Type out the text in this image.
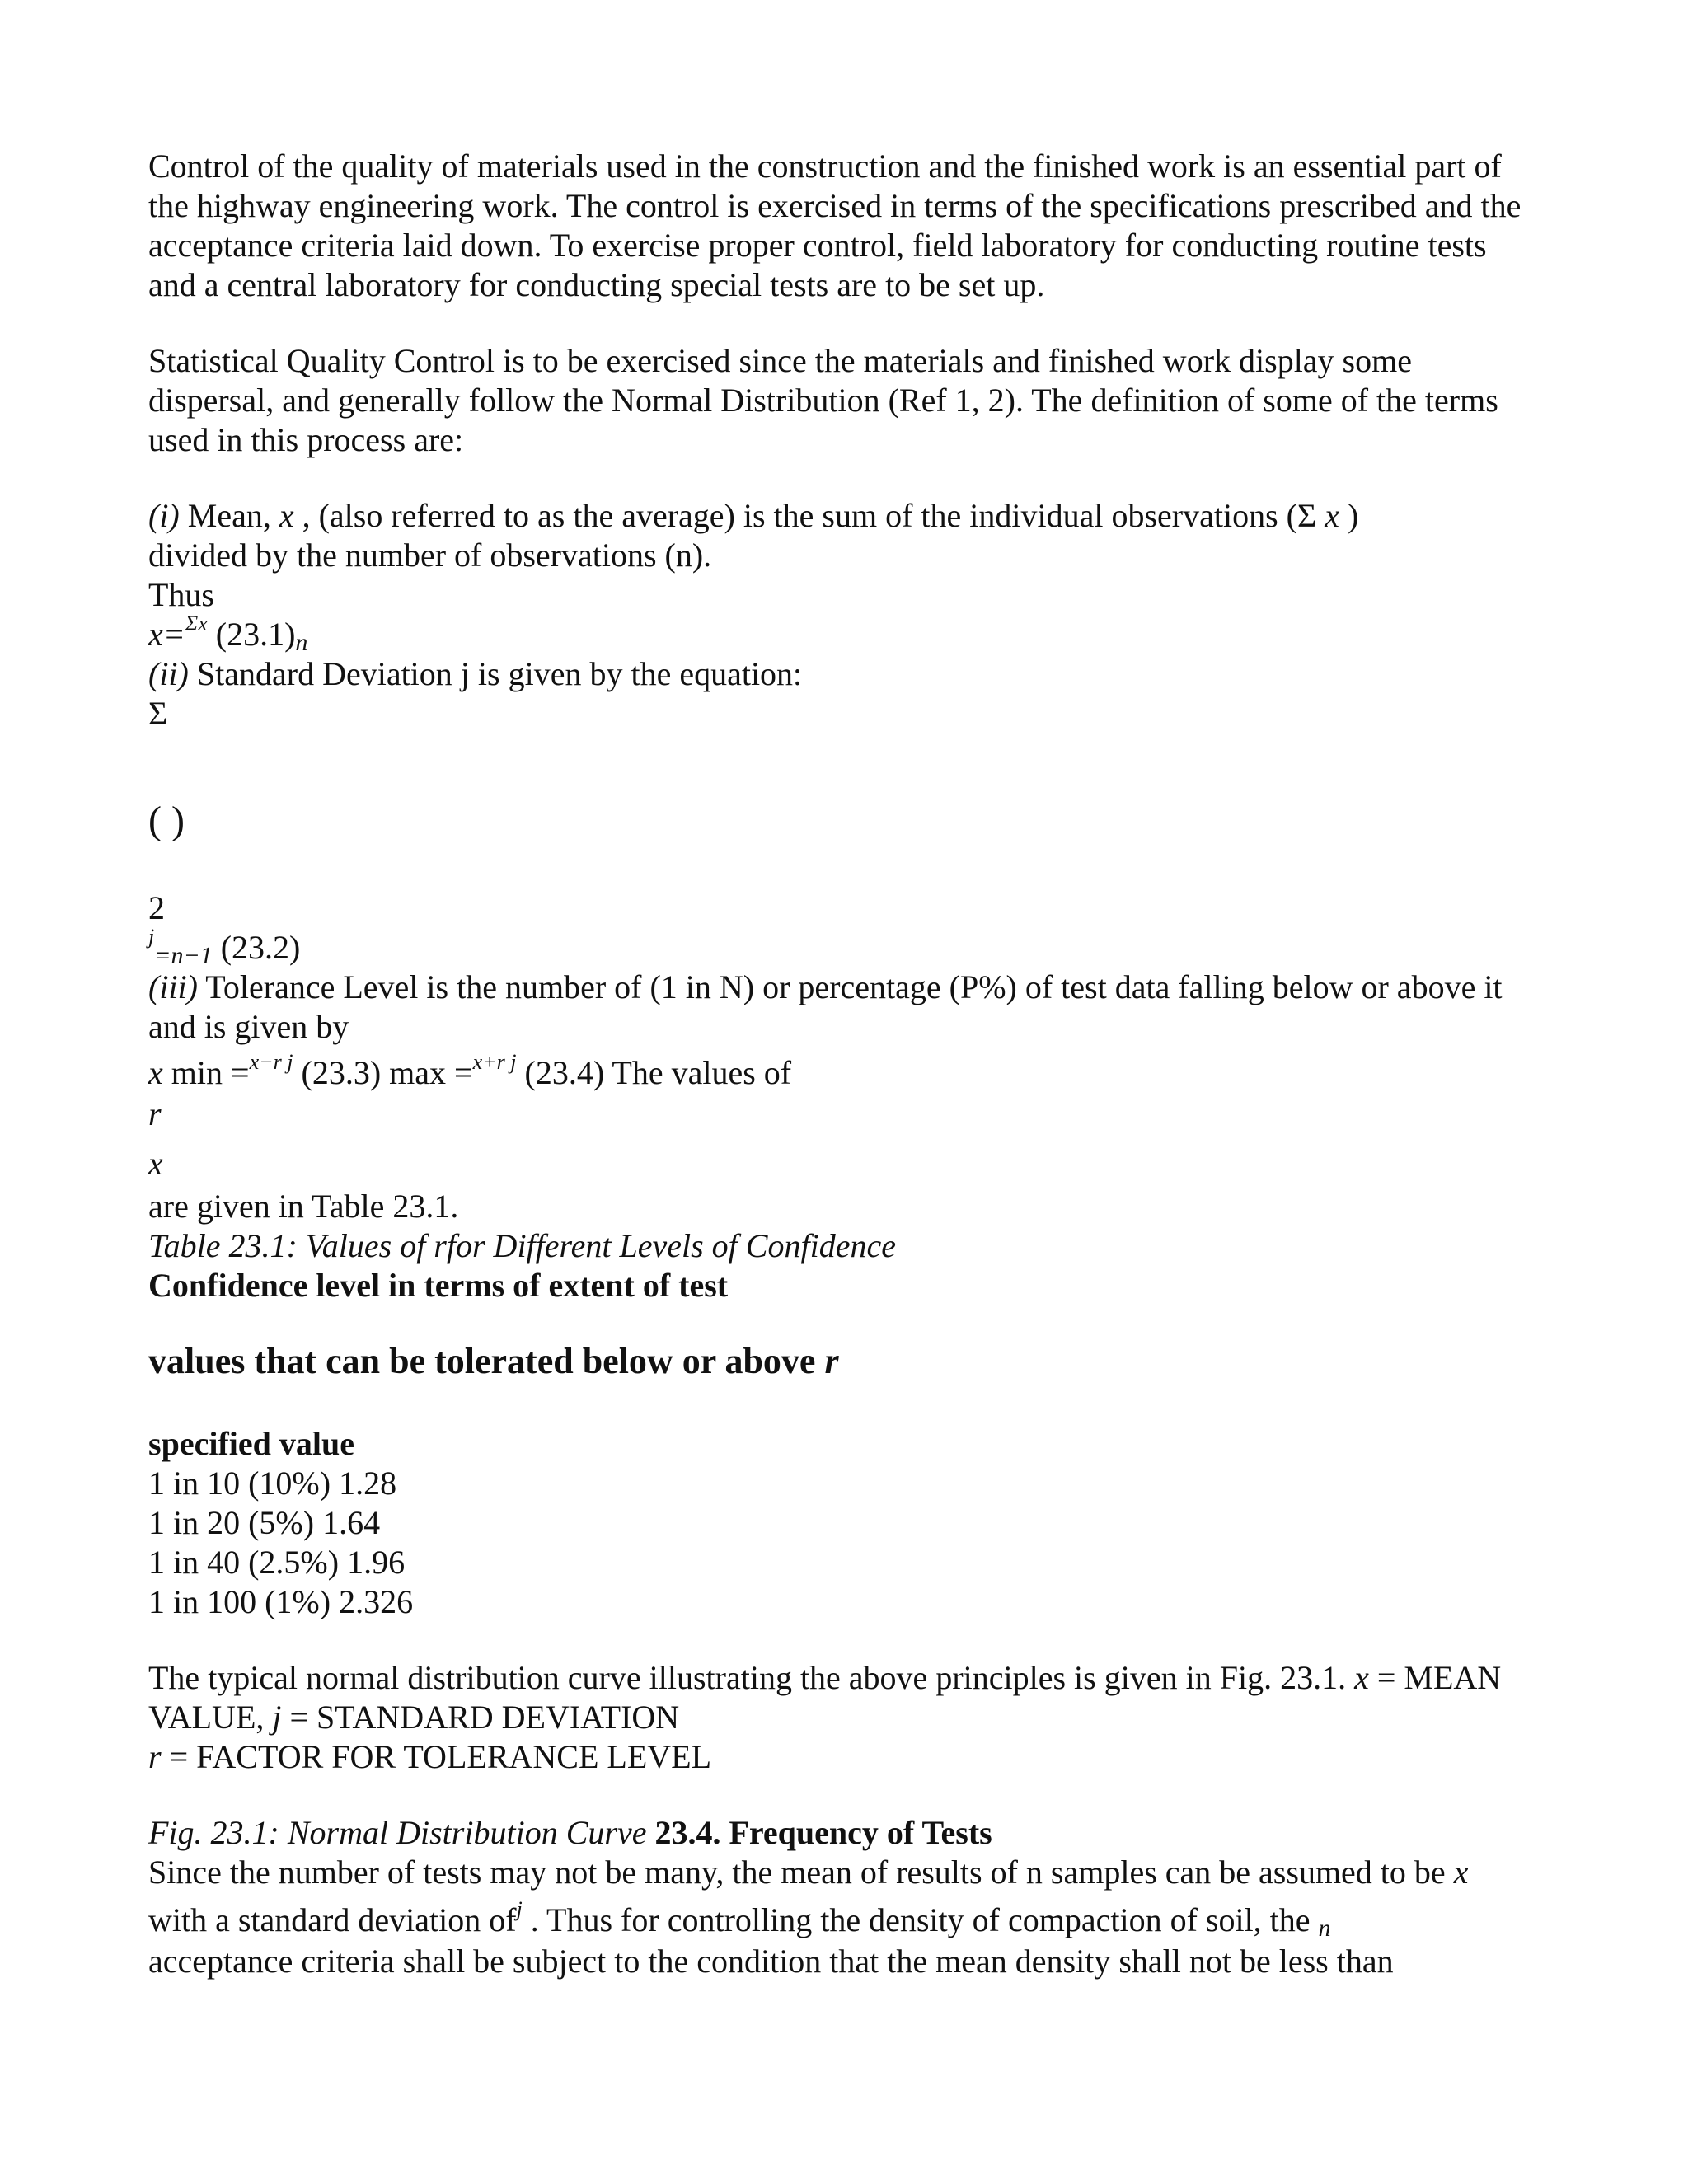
Control of the quality of materials used in the construction and the finished work is an essential part of
the highway engineering work. The control is exercised in terms of the specifications prescribed and the
acceptance criteria laid down. To exercise proper control, field laboratory for conducting routine tests
and a central laboratory for conducting special tests are to be set up.
Statistical Quality Control is to be exercised since the materials and finished work display some
dispersal, and generally follow the Normal Distribution (Ref 1, 2). The definition of some of the terms
used in this process are:
(i) Mean, x , (also referred to as the average) is the sum of the individual observations (Σ x )
divided by the number of observations (n).
Thus
x=$^{\Sigma x}$ (23.1)n
(ii) Standard Deviation j is given by the equation:
Σ
( )
2
$^j$=n−1 (23.2)
(iii) Tolerance Level is the number of (1 in N) or percentage (P%) of test data falling below or above it
and is given by
x min =$^{x-r j}$ (23.3) max =$^{x+r j}$ (23.4) The values of
r
x
are given in Table 23.1.
Table 23.1: Values of rfor Different Levels of Confidence
Confidence level in terms of extent of test
values that can be tolerated below or above r
specified value
1 in 10 (10%) 1.28
1 in 20 (5%) 1.64
1 in 40 (2.5%) 1.96
1 in 100 (1%) 2.326
The typical normal distribution curve illustrating the above principles is given in Fig. 23.1. x = MEAN
VALUE, j = STANDARD DEVIATION
r = FACTOR FOR TOLERANCE LEVEL
Fig. 23.1: Normal Distribution Curve 23.4. Frequency of Tests
Since the number of tests may not be many, the mean of results of n samples can be assumed to be x
with a standard deviation $of^j$ . Thus for controlling the density of compaction of soil, the n
acceptance criteria shall be subject to the condition that the mean density shall not be less than
